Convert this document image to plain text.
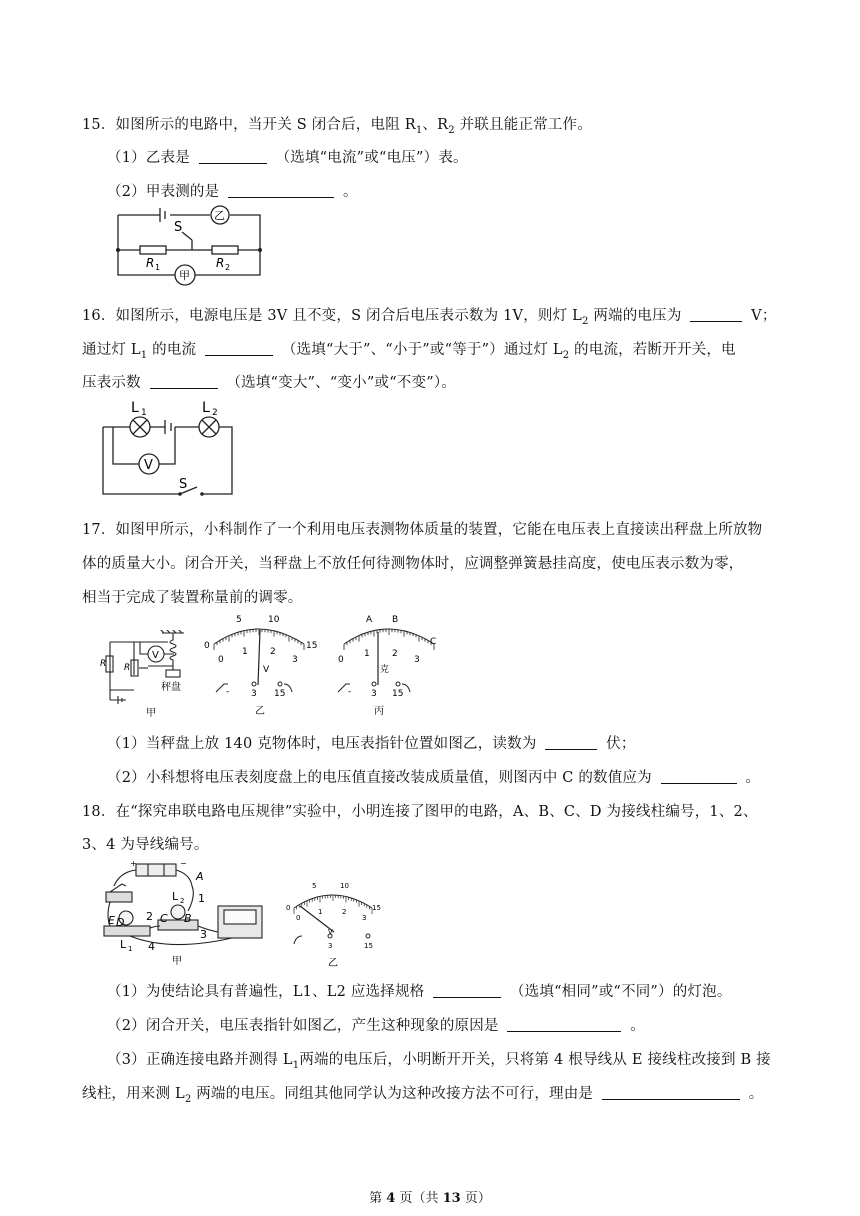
15．如图所示的电路中，当开关 S 闭合后，电阻 $R_1$、$R_2$ 并联且能正常工作。
（1）乙表是	（选填“电流”或“电压”）表。
（2）甲表测的是	。
S
乙
R 1	R 2
甲
16．如图所示，电源电压是 3V 且不变，S 闭合后电压表示数为 1V，则灯 $L_2$ 两端的电压为	V；
通过灯 $L_1$ 的电流	（选填“大于”、“小于”或“等于”）通过灯 $L_2$ 的电流，若断开开关，电
压表示数	（选填“变大”、“变小”或“不变”）。
L 1	L 2
V
S
17．如图甲所示，小科制作了一个利用电压表测物体质量的装置，它能在电压表上直接读出秤盘上所放物
体的质量大小。闭合开关，当秤盘上不放任何待测物体时，应调整弹簧悬挂高度，使电压表示数为零，
相当于完成了装置称量前的调零。
R R
V
秤盘
甲
0
5	10
15
0
1 2
3
V
- 3 15
乙
A B
C
0
1 2
3
克
- 3 15
丙
（1）当秤盘上放 140 克物体时，电压表指针位置如图乙，读数为	伏；
（2）小科想将电压表刻度盘上的电压值直接改装成质量值，则图丙中 C 的数值应为	。
18．在“探究串联电路电压规律”实验中，小明连接了图甲的电路，A、B、C、D 为接线柱编号，1、2、
3、4 为导线编号。
+	−
A
E D	C B
L 2
L 1
1
2
3
4
甲
0
5	10
15
0
1	2
3
V
3	15
乙
（1）为使结论具有普遍性，L1、L2 应选择规格	（选填“相同”或“不同”）的灯泡。
（2）闭合开关，电压表指针如图乙，产生这种现象的原因是	。
（3）正确连接电路并测得 $L_1$两端的电压后，小明断开开关，只将第 4 根导线从 E 接线柱改接到 B 接
线柱，用来测 $L_2$ 两端的电压。同组其他同学认为这种改接方法不可行，理由是	。
第 4 页（共 13 页）
